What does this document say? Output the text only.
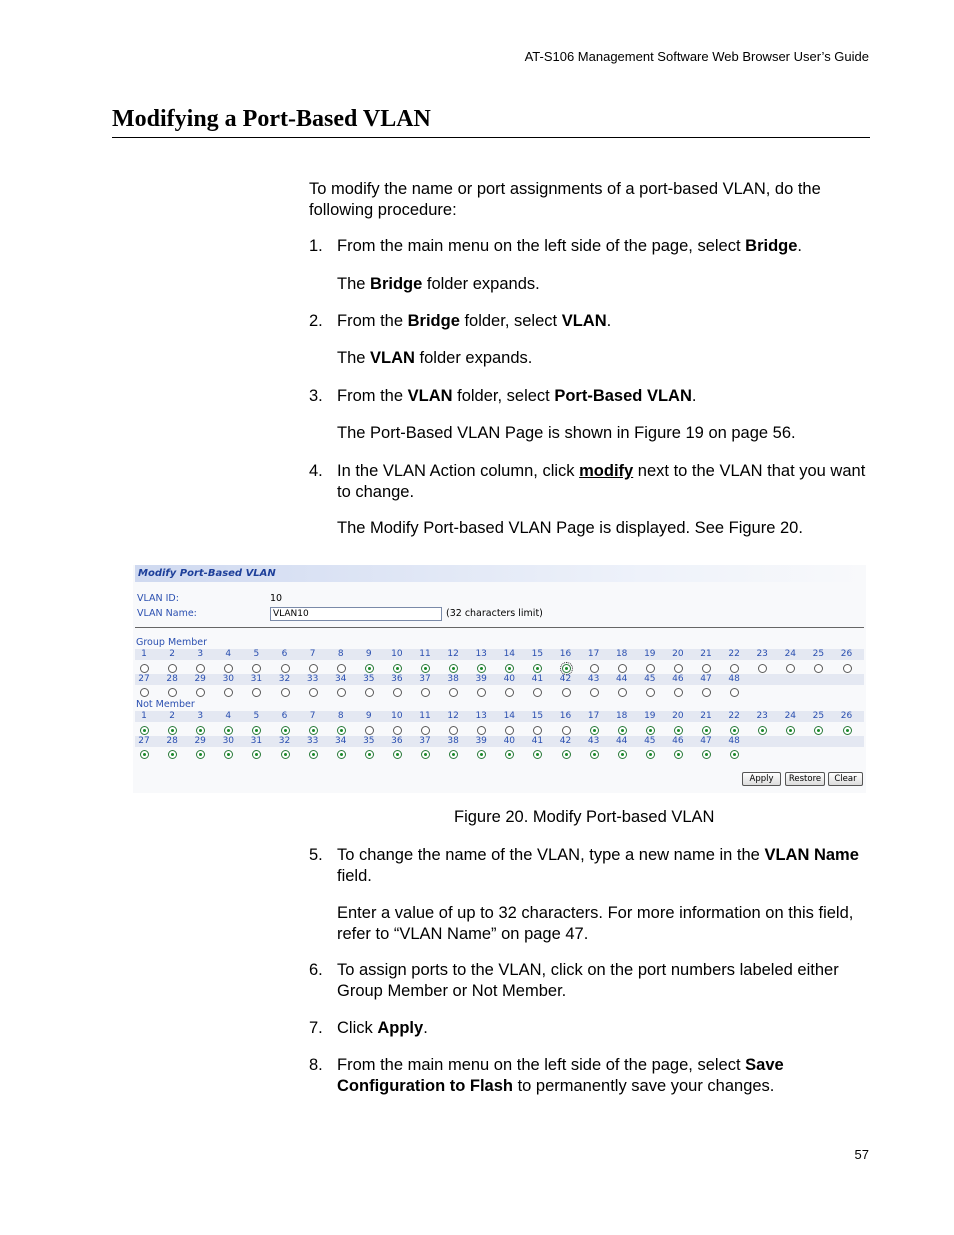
AT-S106 Management Software Web Browser User’s Guide
Modifying a Port-Based VLAN
To modify the name or port assignments of a port-based VLAN, do the following procedure:
1. From the main menu on the left side of the page, select Bridge.
The Bridge folder expands.
2. From the Bridge folder, select VLAN.
The VLAN folder expands.
3. From the VLAN folder, select Port-Based VLAN.
The Port-Based VLAN Page is shown in Figure 19 on page 56.
4. In the VLAN Action column, click modify next to the VLAN that you want to change.
The Modify Port-based VLAN Page is displayed. See Figure 20.
Modify Port-Based VLAN
VLAN ID:	10
VLAN Name:
VLAN10	(32 characters limit)
Group Member
Not Member
Apply	Restore	Clear
1	2	3	4	5	6	7	8	9	10	11	12	13	14	15	16	17	18	19	20	21	22	23	24	25	26
27	28	29	30	31	32	33	34	35	36	37	38	39	40	41	42	43	44	45	46	47	48
1	2	3	4	5	6	7	8	9	10	11	12	13	14	15	16	17	18	19	20	21	22	23	24	25	26
27	28	29	30	31	32	33	34	35	36	37	38	39	40	41	42	43	44	45	46	47	48
Figure 20. Modify Port-based VLAN
5. To change the name of the VLAN, type a new name in the VLAN Name field.
Enter a value of up to 32 characters. For more information on this field, refer to “VLAN Name” on page 47.
6. To assign ports to the VLAN, click on the port numbers labeled either Group Member or Not Member.
7. Click Apply.
8. From the main menu on the left side of the page, select Save Configuration to Flash to permanently save your changes.
57
